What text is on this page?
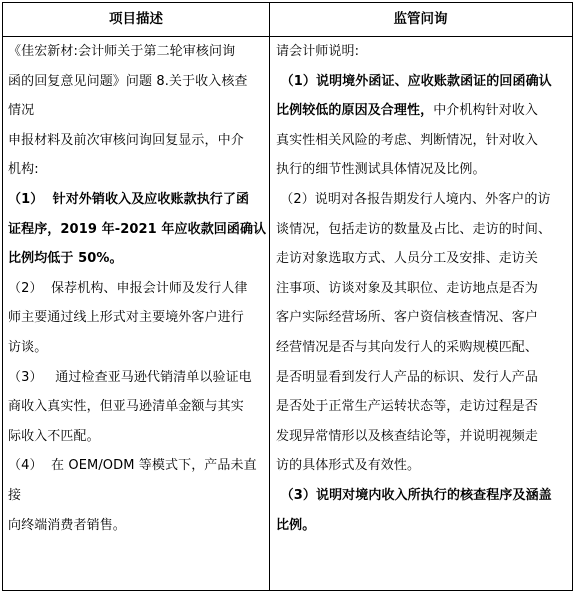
项目描述	监管问询

《佳宏新材:会计师关于第二轮审核问询
函的回复意见问题》问题 8.关于收入核查
情况

申报材料及前次审核问询回复显示，中介
机构:

（1）  针对外销收入及应收账款执行了函
证程序，2019 年-2021 年应收款回函确认
比例均低于 50%。

（2）  保荐机构、申报会计师及发行人律
师主要通过线上形式对主要境外客户进行
访谈。

（3）   通过检查亚马逊代销清单以验证电
商收入真实性，但亚马逊清单金额与其实
际收入不匹配。

（4）  在 OEM/ODM 等模式下，产品未直接
向终端消费者销售。

请会计师说明:

（1）说明境外函证、应收账款函证的回函确认
比例较低的原因及合理性，中介机构针对收入
真实性相关风险的考虑、判断情况，针对收入
执行的细节性测试具体情况及比例。

（2）说明对各报告期发行人境内、外客户的访
谈情况，包括走访的数量及占比、走访的时间、
走访对象选取方式、人员分工及安排、走访关
注事项、访谈对象及其职位、走访地点是否为
客户实际经营场所、客户资信核查情况、客户
经营情况是否与其向发行人的采购规模匹配、
是否明显看到发行人产品的标识、发行人产品
是否处于正常生产运转状态等，走访过程是否
发现异常情形以及核查结论等，并说明视频走
访的具体形式及有效性。

（3）说明对境内收入所执行的核查程序及涵盖
比例。
